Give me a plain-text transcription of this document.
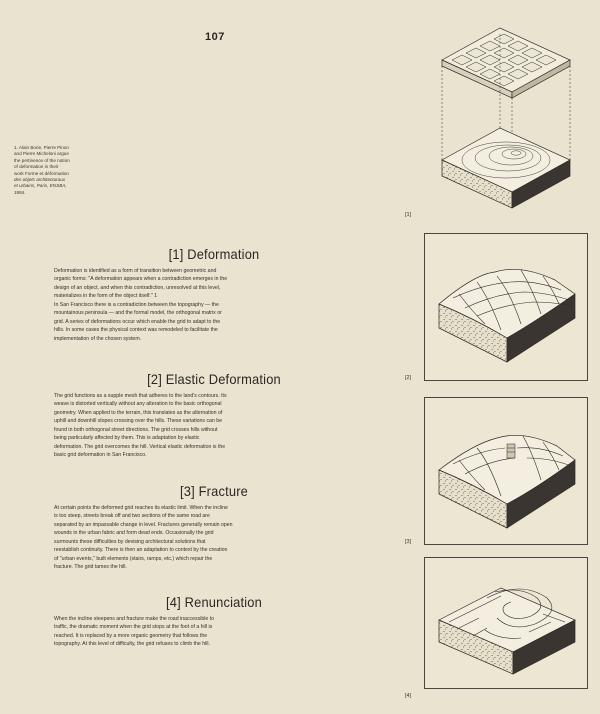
107
1. Alain Borie, Pierre Pinon
and Pierre Micheloni argue
the pertinence of the notion
of deformation in their
work Forme et déformation
des objets architecturaux
et urbains, Paris, ENSBA,
1984.
[1] Deformation
Deformation is identified as a form of transition between geometric and
organic forms: "A deformation appears when a contradiction emerges in the
design of an object, and when this contradiction, unresolved at this level,
materializes in the form of the object itself." 1
In San Francisco there is a contradiction between the topography — the
mountainous peninsula — and the formal model, the orthogonal matrix or
grid. A series of deformations occur which enable the grid to adapt to the
hills. In some cases the physical context was remodeled to facilitate the
implementation of the chosen system.
[2] Elastic Deformation
The grid functions as a supple mesh that adheres to the land's contours. Its
weave is distorted vertically without any alteration to the basic orthogonal
geometry. When applied to the terrain, this translates as the alternation of
uphill and downhill slopes crossing over the hills. These variations can be
found in both orthogonal street directions. The grid crosses hills without
being particularly affected by them. This is adaptation by elastic
deformation. The grid overcomes the hill. Vertical elastic deformation is the
basic grid deformation in San Francisco.
[3] Fracture
At certain points the deformed grid reaches its elastic limit. When the incline
is too steep, streets break off and two sections of the same road are
separated by an impassable change in level. Fractures generally remain open
wounds in the urban fabric and form dead ends. Occasionally the grid
surmounts these difficulties by devising architectural solutions that
reestablish continuity. There is then an adaptation to context by the creation
of "urban events," built elements (stairs, ramps, etc.) which repair the
fracture. The grid tames the hill.
[4] Renunciation
When the incline steepens and fracture make the road inaccessible to
traffic, the dramatic moment when the grid stops at the foot of a hill is
reached. It is replaced by a more organic geometry that follows the
topography. At this level of difficulty, the grid refuses to climb the hill.
[1]
[2]
[3]
[4]
